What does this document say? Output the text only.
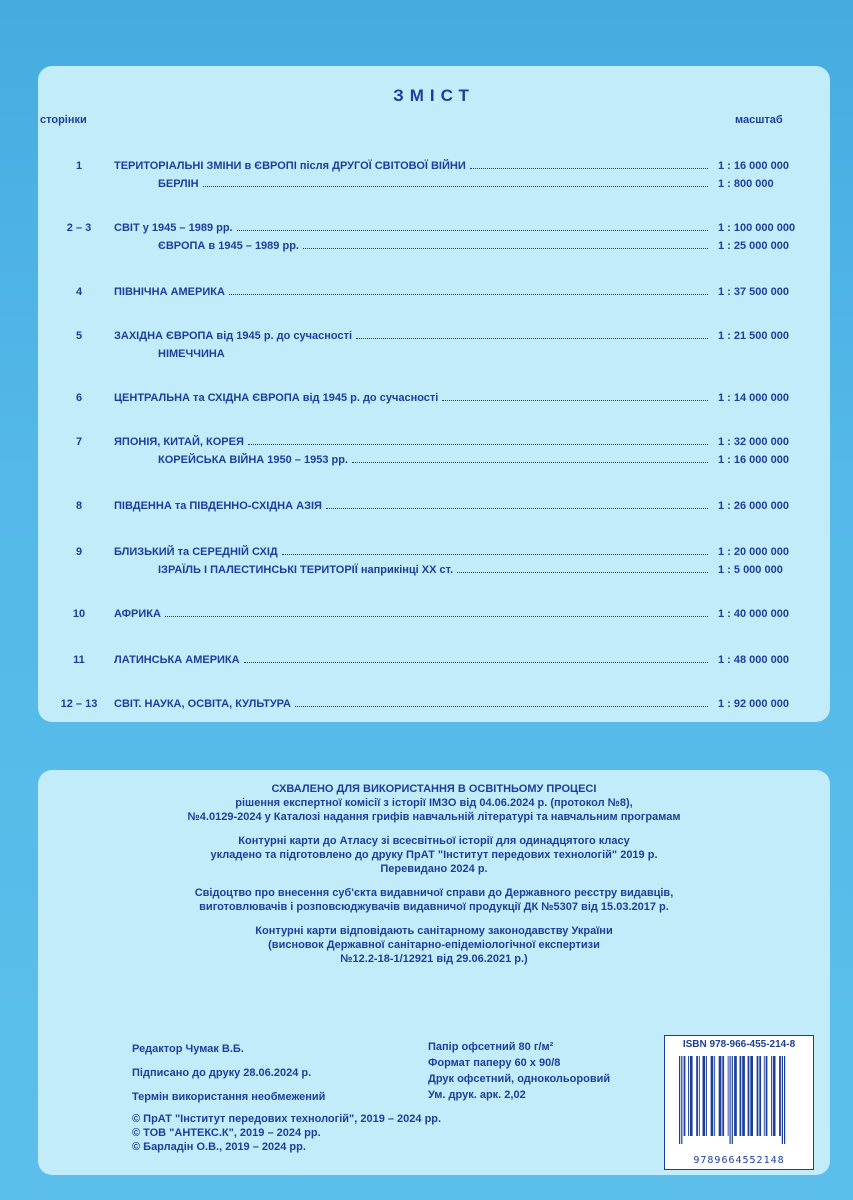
ЗМІСТ
сторінки	масштаб
1	ТЕРИТОРІАЛЬНІ ЗМІНИ в ЄВРОПІ після ДРУГОЇ СВІТОВОЇ ВІЙНИ	1 : 16 000 000
БЕРЛІН	1 : 800 000
2 – 3	СВІТ у 1945 – 1989 рр.	1 : 100 000 000
ЄВРОПА в 1945 – 1989 рр.	1 : 25 000 000
4	ПІВНІЧНА АМЕРИКА	1 : 37 500 000
5	ЗАХІДНА ЄВРОПА від 1945 р. до сучасності	1 : 21 500 000
НІМЕЧЧИНА
6	ЦЕНТРАЛЬНА та СХІДНА ЄВРОПА від 1945 р. до сучасності	1 : 14 000 000
7	ЯПОНІЯ, КИТАЙ, КОРЕЯ	1 : 32 000 000
КОРЕЙСЬКА ВІЙНА 1950 – 1953 рр.	1 : 16 000 000
8	ПІВДЕННА та ПІВДЕННО-СХІДНА АЗІЯ	1 : 26 000 000
9	БЛИЗЬКИЙ та СЕРЕДНІЙ СХІД	1 : 20 000 000
ІЗРАЇЛЬ І ПАЛЕСТИНСЬКІ ТЕРИТОРІЇ наприкінці XX ст.	1 : 5 000 000
10	АФРИКА	1 : 40 000 000
11	ЛАТИНСЬКА АМЕРИКА	1 : 48 000 000
12 – 13	СВІТ. НАУКА, ОСВІТА, КУЛЬТУРА	1 : 92 000 000
СХВАЛЕНО ДЛЯ ВИКОРИСТАННЯ В ОСВІТНЬОМУ ПРОЦЕСІ
рішення експертної комісії з історії ІМЗО від 04.06.2024 р. (протокол №8),
№4.0129-2024 у Каталозі надання грифів навчальній літературі та навчальним програмам
Контурні карти до Атласу зі всесвітньої історії для одинадцятого класу
укладено та підготовлено до друку ПрАТ "Інститут передових технологій" 2019 р.
Перевидано 2024 р.
Свідоцтво про внесення суб'єкта видавничої справи до Державного реєстру видавців,
виготовлювачів і розповсюджувачів видавничої продукції ДК №5307 від 15.03.2017 р.
Контурні карти відповідають санітарному законодавству України
(висновок Державної санітарно-епідеміологічної експертизи
№12.2-18-1/12921 від 29.06.2021 р.)
Редактор Чумак В.Б.
Підписано до друку 28.06.2024 р.
Термін використання необмежений
© ПрАТ "Інститут передових технологій", 2019 – 2024 рр.
© ТОВ "АНТЕКС.К", 2019 – 2024 рр.
© Барладін О.В., 2019 – 2024 рр.
Папір офсетний 80 г/м²
Формат паперу 60 x 90/8
Друк офсетний, однокольоровий
Ум. друк. арк. 2,02
ISBN 978-966-455-214-8
9789664552148
